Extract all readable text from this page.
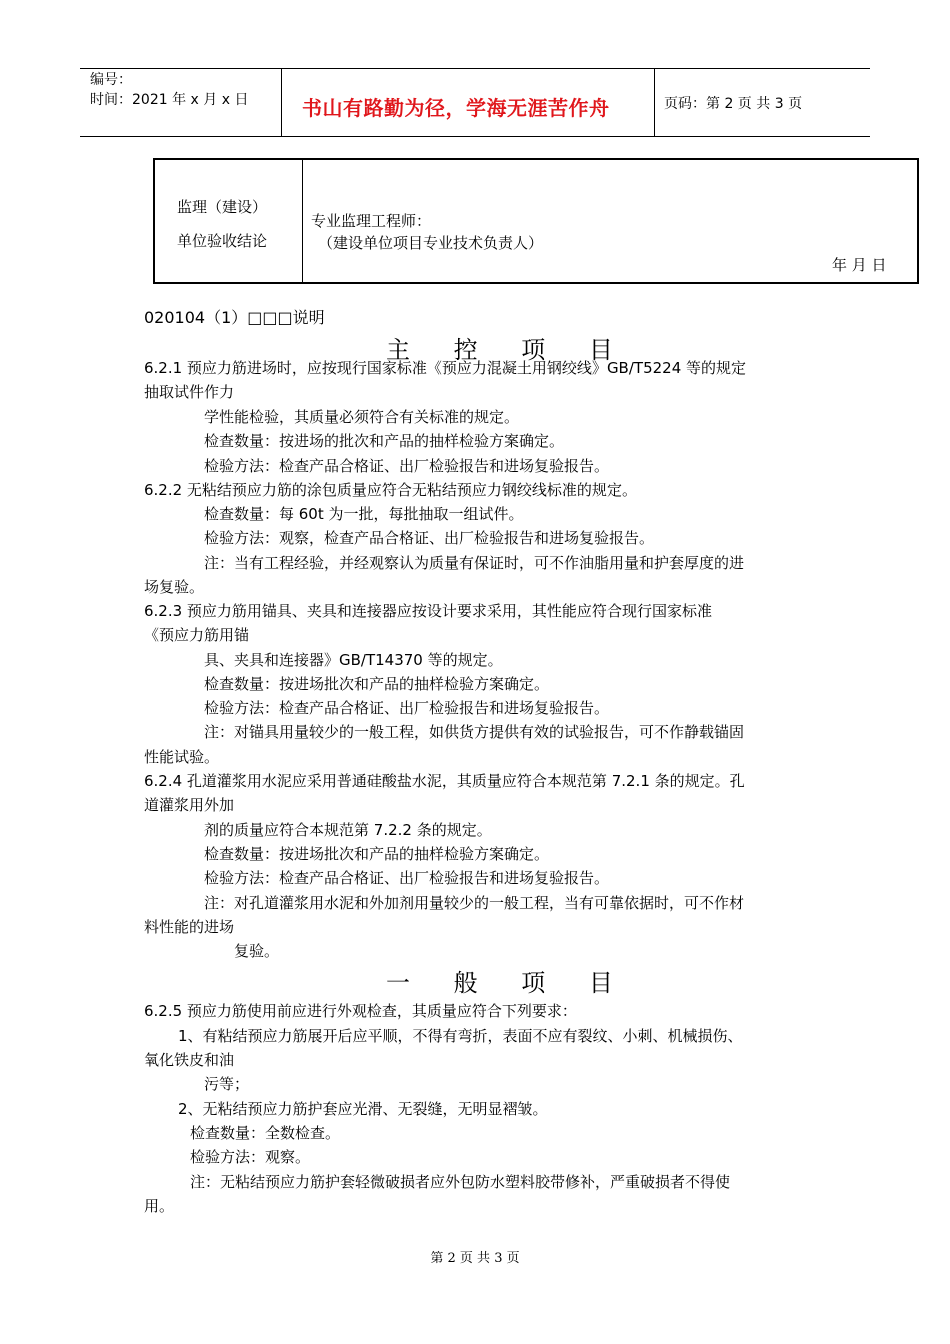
编号：
时间：2021 年 x 月 x 日	书山有路勤为径，学海无涯苦作舟	页码：第 2 页 共 3 页
监理（建设）
单位验收结论
专业监理工程师：
（建设单位项目专业技术负责人）
年 月 日
020104（1）□□□说明
主 控 项 目
6.2.1 预应力筋进场时，应按现行国家标准《预应力混凝土用钢绞线》GB/T5224 等的规定
抽取试件作力
学性能检验，其质量必须符合有关标准的规定。
检查数量：按进场的批次和产品的抽样检验方案确定。
检验方法：检查产品合格证、出厂检验报告和进场复验报告。
6.2.2 无粘结预应力筋的涂包质量应符合无粘结预应力钢绞线标准的规定。
检查数量：每 60t 为一批，每批抽取一组试件。
检验方法：观察，检查产品合格证、出厂检验报告和进场复验报告。
注：当有工程经验，并经观察认为质量有保证时，可不作油脂用量和护套厚度的进
场复验。
6.2.3 预应力筋用锚具、夹具和连接器应按设计要求采用，其性能应符合现行国家标准
《预应力筋用锚
具、夹具和连接器》GB/T14370 等的规定。
检查数量：按进场批次和产品的抽样检验方案确定。
检验方法：检查产品合格证、出厂检验报告和进场复验报告。
注：对锚具用量较少的一般工程，如供货方提供有效的试验报告，可不作静载锚固
性能试验。
6.2.4 孔道灌浆用水泥应采用普通硅酸盐水泥，其质量应符合本规范第 7.2.1 条的规定。孔
道灌浆用外加
剂的质量应符合本规范第 7.2.2 条的规定。
检查数量：按进场批次和产品的抽样检验方案确定。
检验方法：检查产品合格证、出厂检验报告和进场复验报告。
注：对孔道灌浆用水泥和外加剂用量较少的一般工程，当有可靠依据时，可不作材
料性能的进场
复验。
一 般 项 目
6.2.5 预应力筋使用前应进行外观检查，其质量应符合下列要求：
1、有粘结预应力筋展开后应平顺，不得有弯折，表面不应有裂纹、小刺、机械损伤、
氧化铁皮和油
污等；
2、无粘结预应力筋护套应光滑、无裂缝，无明显褶皱。
检查数量：全数检查。
检验方法：观察。
注：无粘结预应力筋护套轻微破损者应外包防水塑料胶带修补，严重破损者不得使
用。
第 2 页 共 3 页
